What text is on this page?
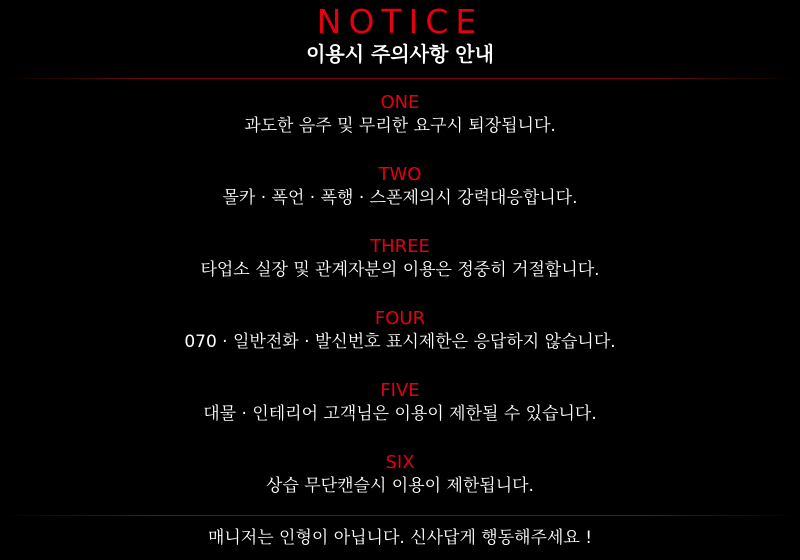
NOTICE
이용시 주의사항 안내
ONE
과도한 음주 및 무리한 요구시 퇴장됩니다.
TWO
몰카 · 폭언 · 폭행 · 스폰제의시 강력대응합니다.
THREE
타업소 실장 및 관계자분의 이용은 정중히 거절합니다.
FOUR
070 · 일반전화 · 발신번호 표시제한은 응답하지 않습니다.
FIVE
대물 · 인테리어 고객님은 이용이 제한될 수 있습니다.
SIX
상습 무단캔슬시 이용이 제한됩니다.

매니저는 인형이 아닙니다. 신사답게 행동해주세요 !
